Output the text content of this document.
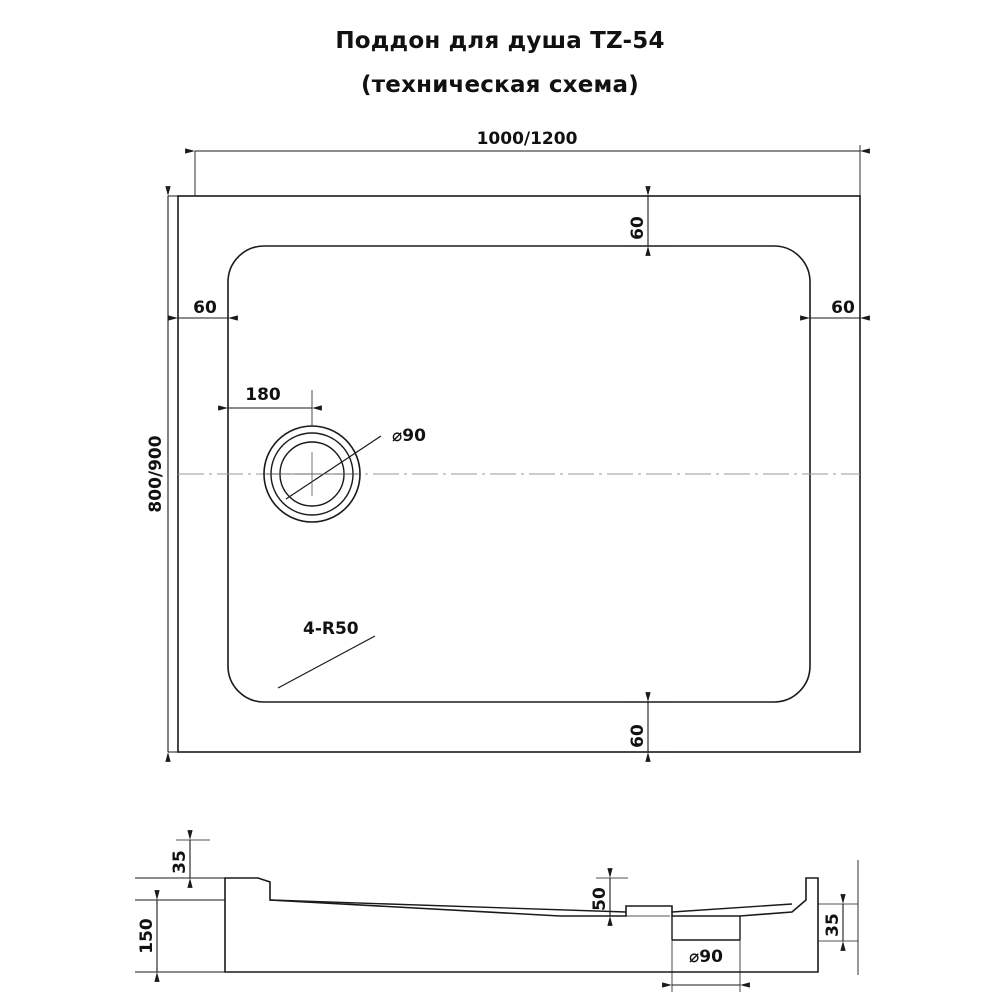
Поддон для душа TZ-54
(техническая схема)
⌀90
1000/1200
800/900
60
60
60	60
180
4-R50
35
150
50
35
⌀90
